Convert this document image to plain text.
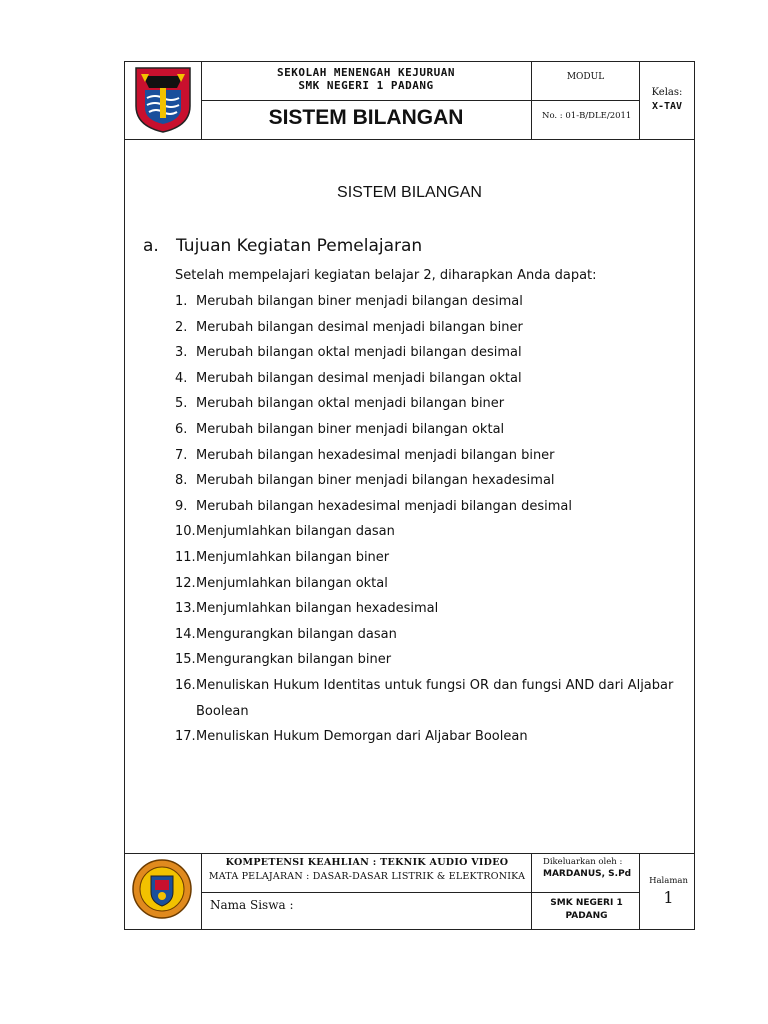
SEKOLAH MENENGAH KEJURUAN
SMK NEGERI 1 PADANG
SISTEM BILANGAN
MODUL
No. : 01-B/DLE/2011
Kelas:
X-TAV
SISTEM BILANGAN
a. Tujuan Kegiatan Pemelajaran
Setelah mempelajari kegiatan belajar 2, diharapkan Anda dapat:
1. Merubah bilangan biner menjadi bilangan desimal
2. Merubah bilangan desimal menjadi bilangan biner
3. Merubah bilangan oktal menjadi bilangan desimal
4. Merubah bilangan desimal menjadi bilangan oktal
5. Merubah bilangan oktal menjadi bilangan biner
6. Merubah bilangan biner menjadi bilangan oktal
7. Merubah bilangan hexadesimal menjadi bilangan biner
8. Merubah bilangan biner menjadi bilangan hexadesimal
9. Merubah bilangan hexadesimal menjadi bilangan desimal
10. Menjumlahkan bilangan dasan
11. Menjumlahkan bilangan biner
12. Menjumlahkan bilangan oktal
13. Menjumlahkan bilangan hexadesimal
14. Mengurangkan bilangan dasan
15. Mengurangkan bilangan biner
16. Menuliskan Hukum Identitas untuk fungsi OR dan fungsi AND dari Aljabar Boolean
17. Menuliskan Hukum Demorgan dari Aljabar Boolean
KOMPETENSI KEAHLIAN : TEKNIK AUDIO VIDEO
MATA PELAJARAN : DASAR-DASAR LISTRIK & ELEKTRONIKA
Nama Siswa :
Dikeluarkan oleh :
MARDANUS, S.Pd
SMK NEGERI 1
PADANG
Halaman
1
